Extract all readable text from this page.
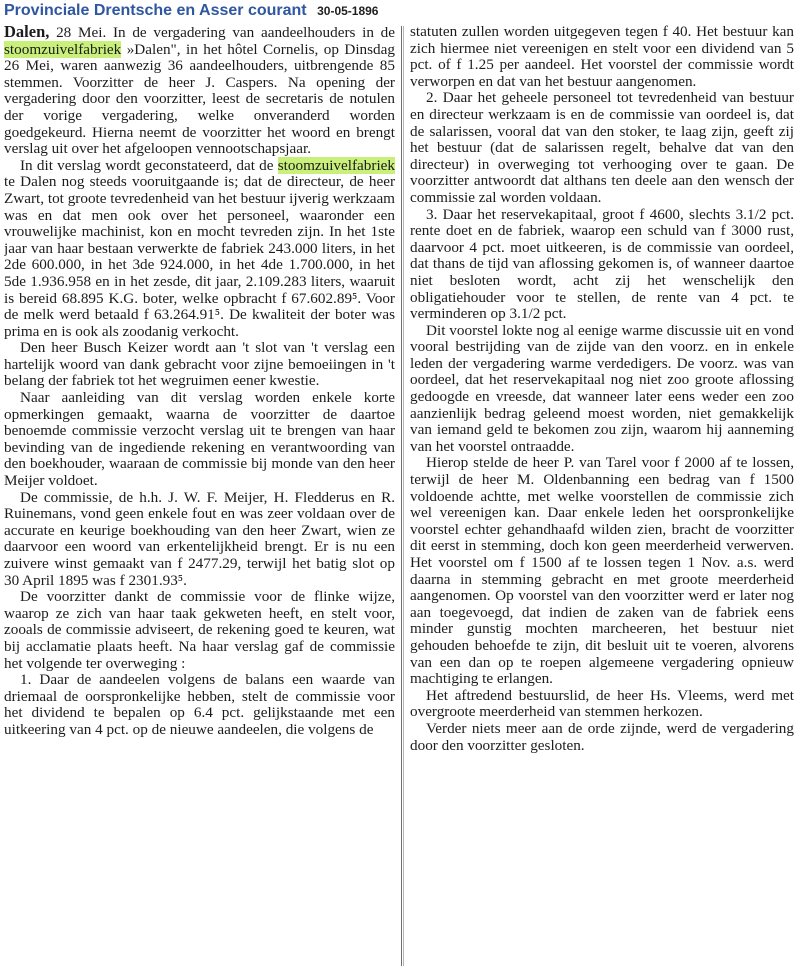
Provinciale Drentsche en Asser courant 30-05-1896

Dalen, 28 Mei. In de vergadering van aandeelhouders in de stoomzuivelfabriek »Dalen", in het hôtel Cornelis, op Dinsdag 26 Mei, waren aanwezig 36 aandeelhouders, uitbrengende 85 stemmen. Voorzitter de heer J. Caspers. Na opening der vergadering door den voorzitter, leest de secretaris de notulen der vorige vergadering, welke onveranderd worden goedgekeurd. Hierna neemt de voorzitter het woord en brengt verslag uit over het afgeloopen vennootschapsjaar.

In dit verslag wordt geconstateerd, dat de stoomzuivelfabriek te Dalen nog steeds vooruitgaande is; dat de directeur, de heer Zwart, tot groote tevredenheid van het bestuur ijverig werkzaam was en dat men ook over het personeel, waaronder een vrouwelijke machinist, kon en mocht tevreden zijn. In het 1ste jaar van haar bestaan verwerkte de fabriek 243.000 liters, in het 2de 600.000, in het 3de 924.000, in het 4de 1.700.000, in het 5de 1.936.958 en in het zesde, dit jaar, 2.109.283 liters, waaruit is bereid 68.895 K.G. boter, welke opbracht f 67.602.89⁵. Voor de melk werd betaald f 63.264.91⁵. De kwaliteit der boter was prima en is ook als zoodanig verkocht.

Den heer Busch Keizer wordt aan 't slot van 't verslag een hartelijk woord van dank gebracht voor zijne bemoeiingen in 't belang der fabriek tot het wegruimen eener kwestie.

Naar aanleiding van dit verslag worden enkele korte opmerkingen gemaakt, waarna de voorzitter de daartoe benoemde commissie verzocht verslag uit te brengen van haar bevinding van de ingediende rekening en verantwoording van den boekhouder, waaraan de commissie bij monde van den heer Meijer voldoet.

De commissie, de h.h. J. W. F. Meijer, H. Fledderus en R. Ruinemans, vond geen enkele fout en was zeer voldaan over de accurate en keurige boekhouding van den heer Zwart, wien ze daarvoor een woord van erkentelijkheid brengt. Er is nu een zuivere winst gemaakt van f 2477.29, terwijl het batig slot op 30 April 1895 was f 2301.93⁵.

De voorzitter dankt de commissie voor de flinke wijze, waarop ze zich van haar taak gekweten heeft, en stelt voor, zooals de commissie adviseert, de rekening goed te keuren, wat bij acclamatie plaats heeft. Na haar verslag gaf de commissie het volgende ter overweging :

1. Daar de aandeelen volgens de balans een waarde van driemaal de oorspronkelijke hebben, stelt de commissie voor het dividend te bepalen op 6.4 pct. gelijkstaande met een uitkeering van 4 pct. op de nieuwe aandeelen, die volgens de

statuten zullen worden uitgegeven tegen f 40. Het bestuur kan zich hiermee niet vereenigen en stelt voor een dividend van 5 pct. of f 1.25 per aandeel. Het voorstel der commissie wordt verworpen en dat van het bestuur aangenomen.

2. Daar het geheele personeel tot tevredenheid van bestuur en directeur werkzaam is en de commissie van oordeel is, dat de salarissen, vooral dat van den stoker, te laag zijn, geeft zij het bestuur (dat de salarissen regelt, behalve dat van den directeur) in overweging tot verhooging over te gaan. De voorzitter antwoordt dat althans ten deele aan den wensch der commissie zal worden voldaan.

3. Daar het reservekapitaal, groot f 4600, slechts 3.1/2 pct. rente doet en de fabriek, waarop een schuld van f 3000 rust, daarvoor 4 pct. moet uitkeeren, is de commissie van oordeel, dat thans de tijd van aflossing gekomen is, of wanneer daartoe niet besloten wordt, acht zij het wenschelijk den obligatiehouder voor te stellen, de rente van 4 pct. te verminderen op 3.1/2 pct.

Dit voorstel lokte nog al eenige warme discussie uit en vond vooral bestrijding van de zijde van den voorz. en in enkele leden der vergadering warme verdedigers. De voorz. was van oordeel, dat het reservekapitaal nog niet zoo groote aflossing gedoogde en vreesde, dat wanneer later eens weder een zoo aanzienlijk bedrag geleend moest worden, niet gemakkelijk van iemand geld te bekomen zou zijn, waarom hij aanneming van het voorstel ontraadde.

Hierop stelde de heer P. van Tarel voor f 2000 af te lossen, terwijl de heer M. Oldenbanning een bedrag van f 1500 voldoende achtte, met welke voorstellen de commissie zich wel vereenigen kan. Daar enkele leden het oorspronkelijke voorstel echter gehandhaafd wilden zien, bracht de voorzitter dit eerst in stemming, doch kon geen meerderheid verwerven. Het voorstel om f 1500 af te lossen tegen 1 Nov. a.s. werd daarna in stemming gebracht en met groote meerderheid aangenomen. Op voorstel van den voorzitter werd er later nog aan toegevoegd, dat indien de zaken van de fabriek eens minder gunstig mochten marcheeren, het bestuur niet gehouden behoefde te zijn, dit besluit uit te voeren, alvorens van een dan op te roepen algemeene vergadering opnieuw machtiging te erlangen.

Het aftredend bestuurslid, de heer Hs. Vleems, werd met overgroote meerderheid van stemmen herkozen.

Verder niets meer aan de orde zijnde, werd de vergadering door den voorzitter gesloten.
